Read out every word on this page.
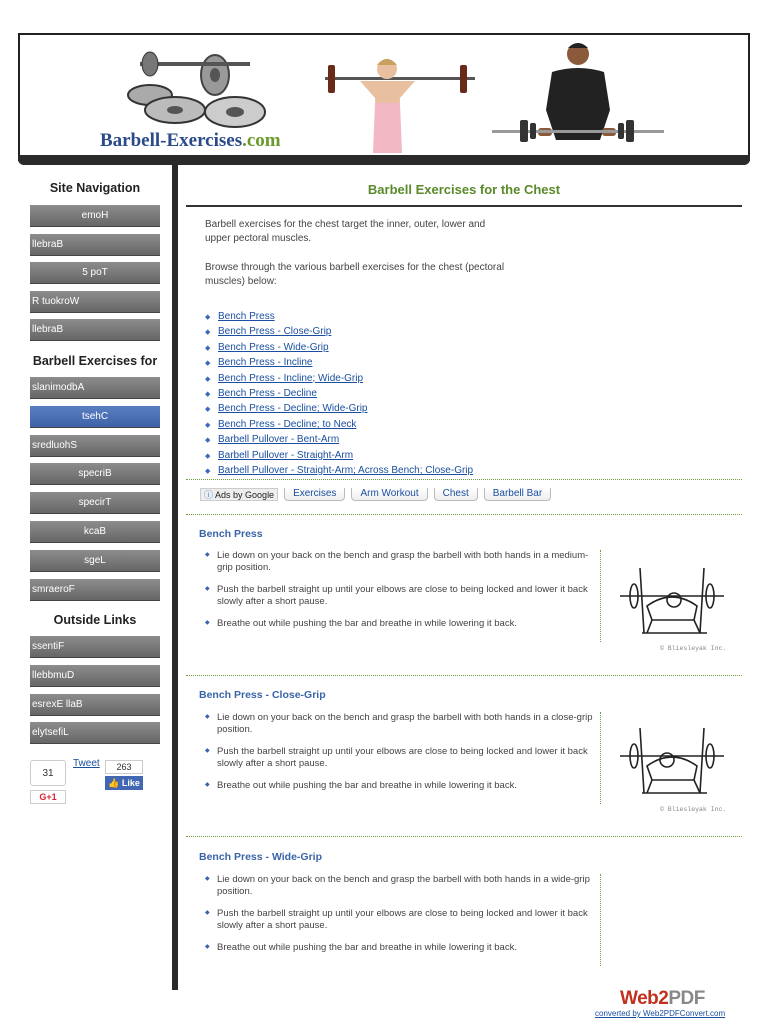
Barbell-Exercises.com
Site Navigation
emoH
llebraB
5 poT
R tuokroW
llebraB
Barbell Exercises for
slanimodbA
tsehC
sredluohS
specriB
specirT
kcaB
sgeL
smraeroF
Outside Links
ssentiF
llebbmuD
esrexE llaB
elytsefiL
31
Tweet	263
👍 Like
G+1
Barbell Exercises for the Chest

Barbell exercises for the chest target the inner, outer, lower and upper pectoral muscles.

Browse through the various barbell exercises for the chest (pectoral muscles) below:

◆ Bench Press
◆ Bench Press - Close-Grip
◆ Bench Press - Wide-Grip
◆ Bench Press - Incline
◆ Bench Press - Incline; Wide-Grip
◆ Bench Press - Decline
◆ Bench Press - Decline; Wide-Grip
◆ Bench Press - Decline; to Neck
◆ Barbell Pullover - Bent-Arm
◆ Barbell Pullover - Straight-Arm
◆ Barbell Pullover - Straight-Arm; Across Bench; Close-Grip
ⓘ Ads by Google Exercises Arm Workout Chest Barbell Bar
Bench Press
◆ Lie down on your back on the bench and grasp the barbell with both hands in a medium-grip position.
◆ Push the barbell straight up until your elbows are close to being locked and lower it back slowly after a short pause.
◆ Breathe out while pushing the bar and breathe in while lowering it back.
© Bliesleyak Inc.
Bench Press - Close-Grip
◆ Lie down on your back on the bench and grasp the barbell with both hands in a close-grip position.
◆ Push the barbell straight up until your elbows are close to being locked and lower it back slowly after a short pause.
◆ Breathe out while pushing the bar and breathe in while lowering it back.
© Bliesleyak Inc.
Bench Press - Wide-Grip
◆ Lie down on your back on the bench and grasp the barbell with both hands in a wide-grip position.
◆ Push the barbell straight up until your elbows are close to being locked and lower it back slowly after a short pause.
◆ Breathe out while pushing the bar and breathe in while lowering it back.
Web2PDF
converted by Web2PDFConvert.com
